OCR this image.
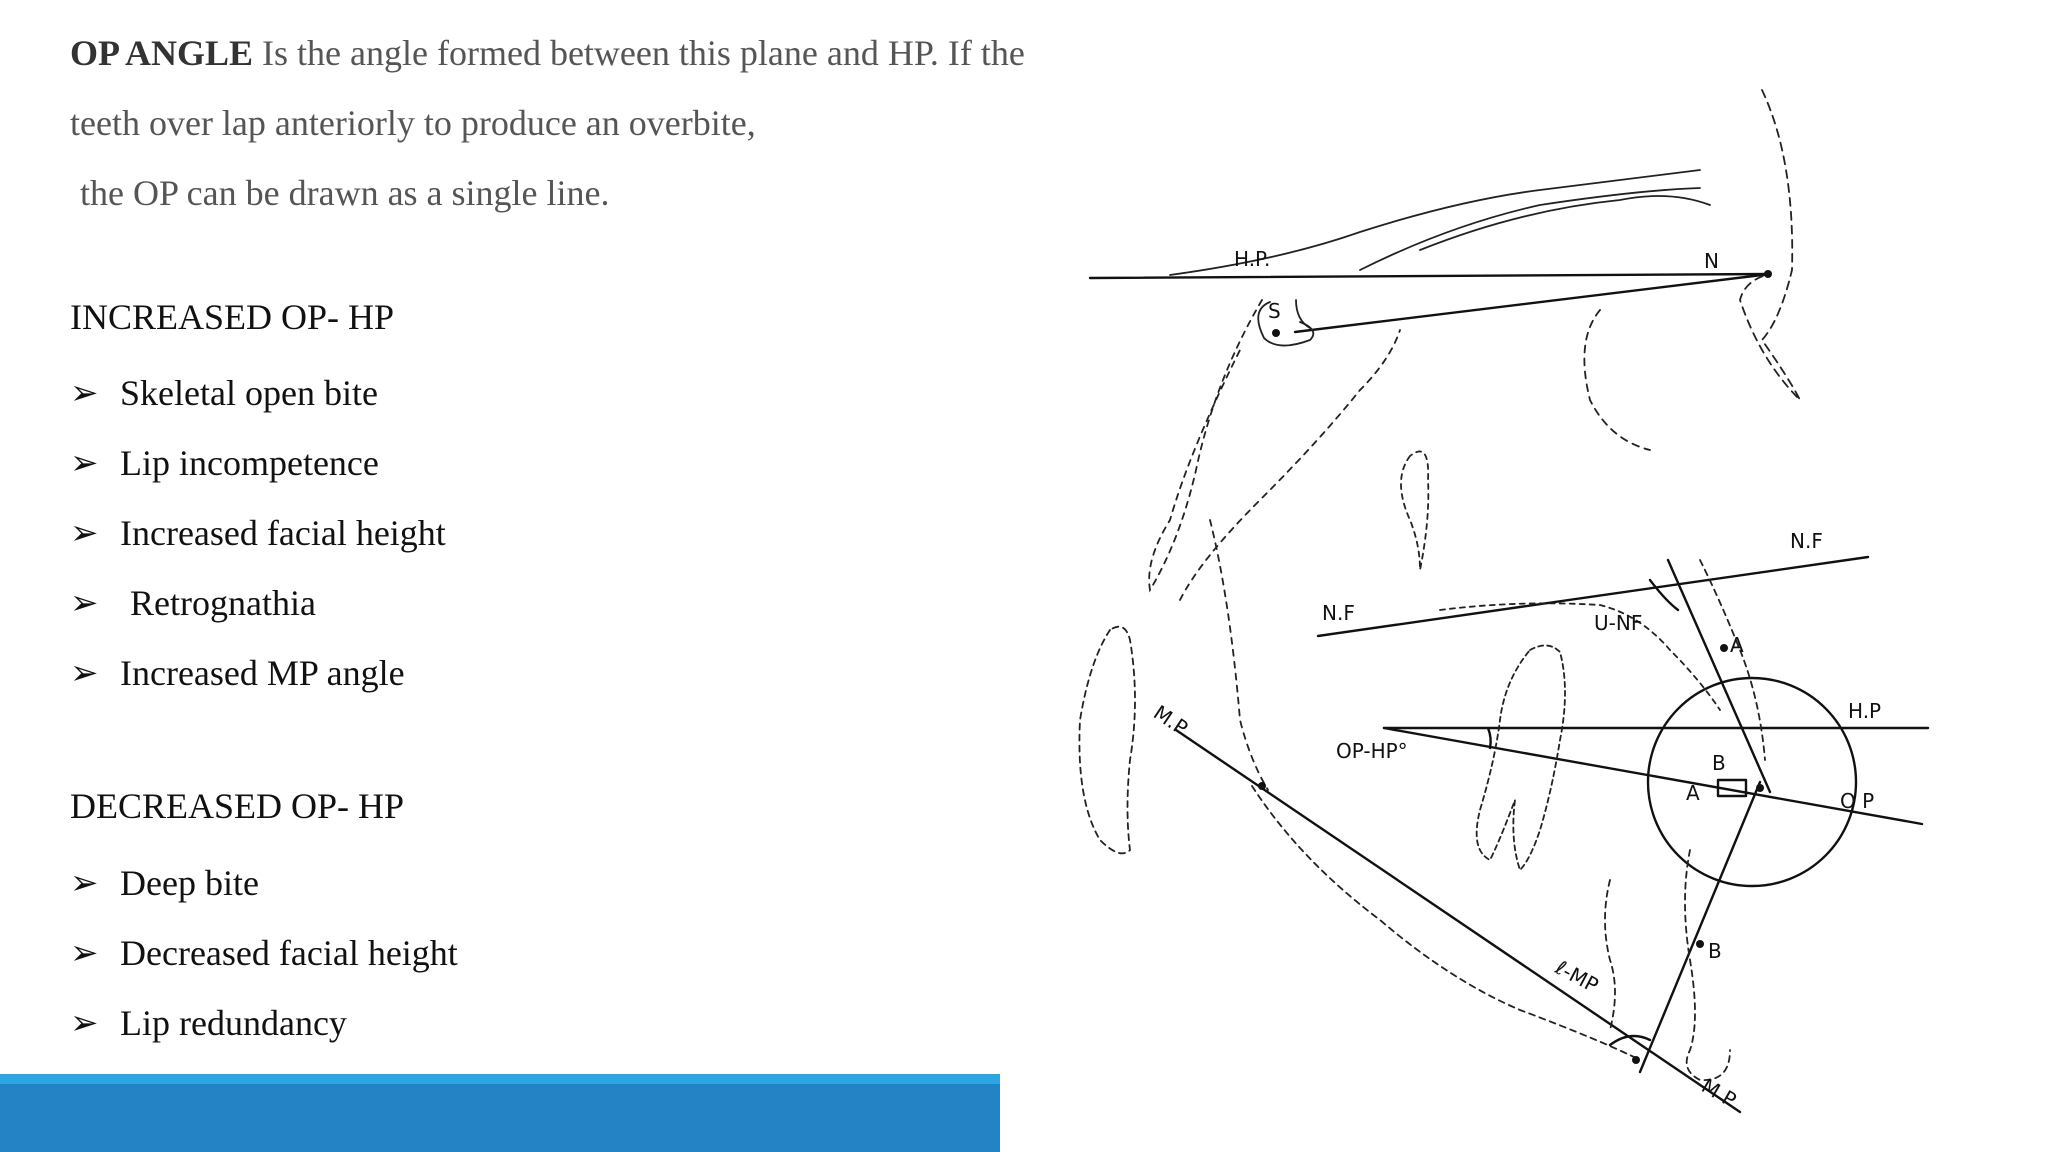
OP ANGLE Is the angle formed between this plane and HP. If the

teeth over lap anteriorly to produce an overbite,

the OP can be drawn as a single line.

INCREASED OP- HP
➢ Skeletal open bite
➢ Lip incompetence
➢ Increased facial height
➢ Retrognathia
➢ Increased MP angle
DECREASED OP- HP
➢ Deep bite
➢ Decreased facial height
➢ Lip redundancy
H.P.	N
S
N.F
N.F
U-NF
A
H.P
OP-HP°	B
A	O P
M.P
B
ℓ-MP
M P
